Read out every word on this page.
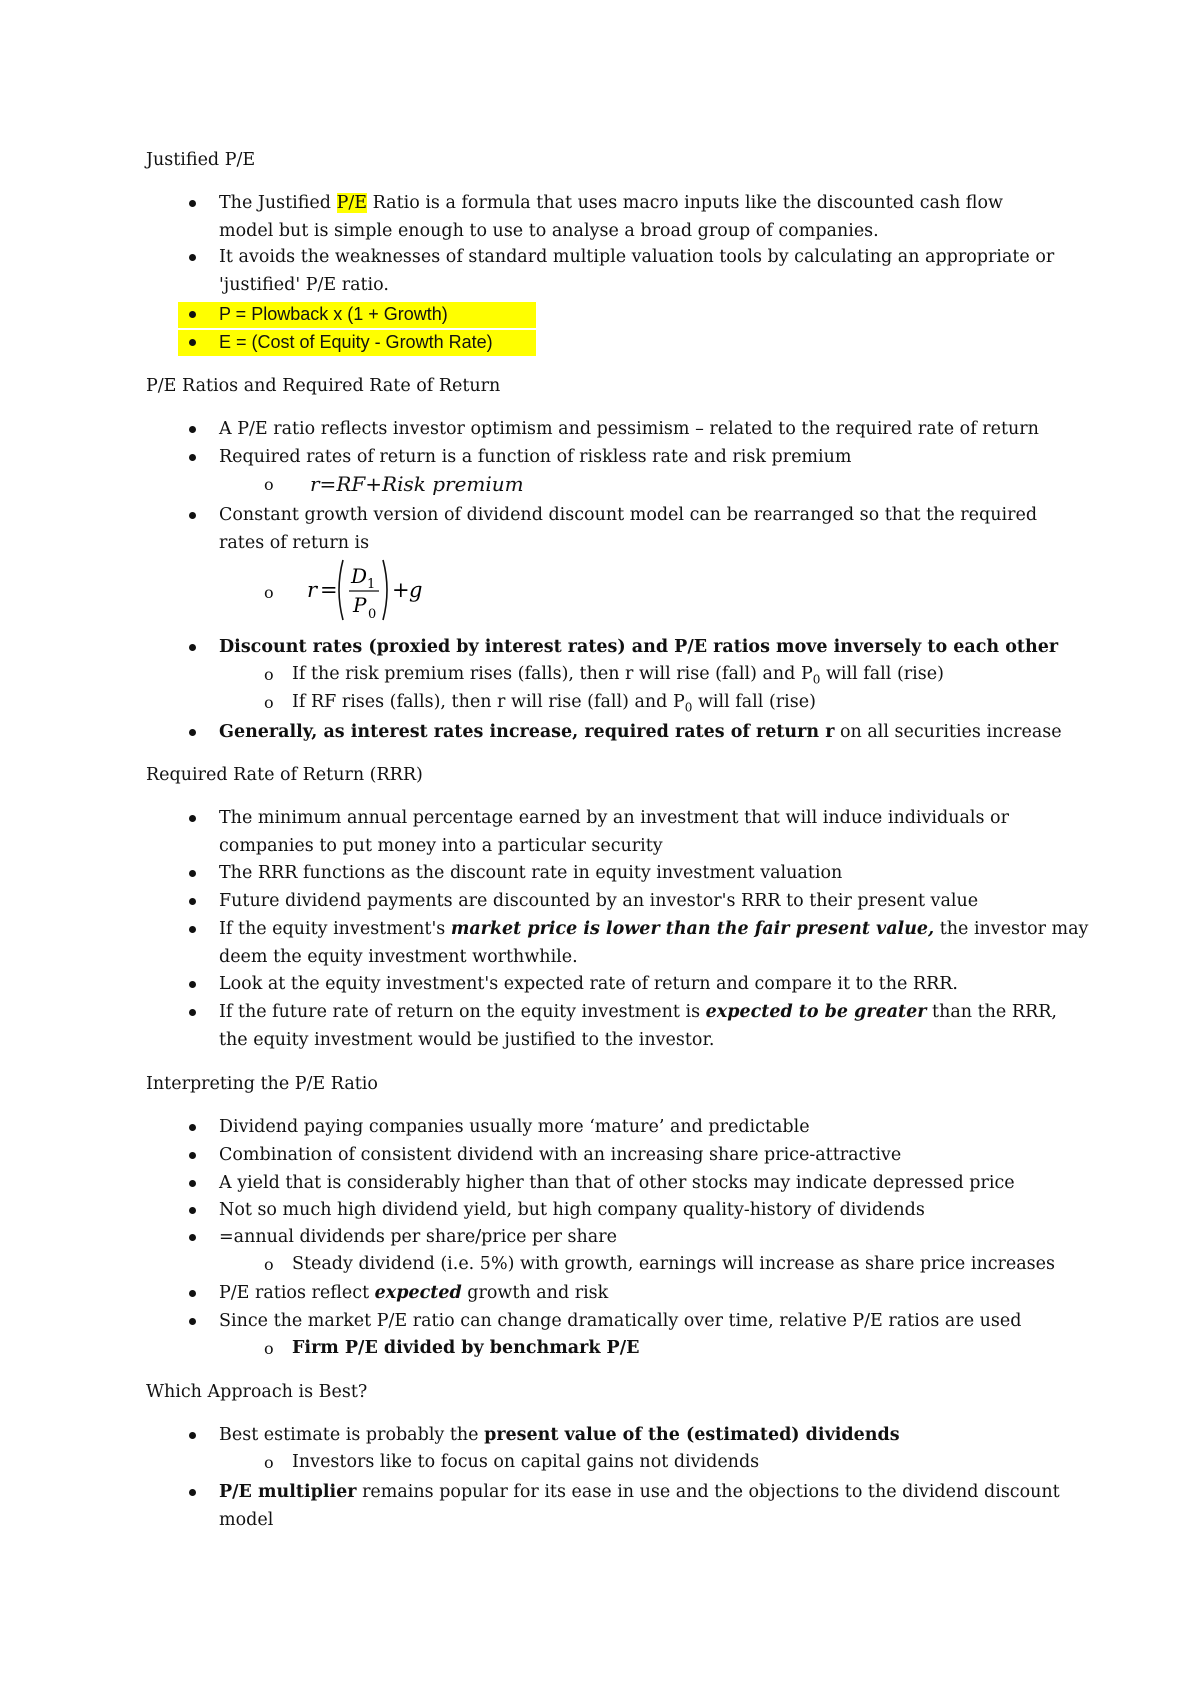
Justified P/E
The Justified P/E Ratio is a formula that uses macro inputs like the discounted cash flow
model but is simple enough to use to analyse a broad group of companies.
It avoids the weaknesses of standard multiple valuation tools by calculating an appropriate or
'justified' P/E ratio.
P = Plowback x (1 + Growth)
E = (Cost of Equity - Growth Rate)
P/E Ratios and Required Rate of Return
A P/E ratio reflects investor optimism and pessimism – related to the required rate of return
Required rates of return is a function of riskless rate and risk premium
o r=RF+Risk premium
Constant growth version of dividend discount model can be rearranged so that the required
rates of return is
o r =
D 1
P 0
+ g
Discount rates (proxied by interest rates) and P/E ratios move inversely to each other
o If the risk premium rises (falls), then r will rise (fall) and $P_0$ will fall (rise)
o If RF rises (falls), then r will rise (fall) and $P_0$ will fall (rise)
Generally, as interest rates increase, required rates of return r on all securities increase
Required Rate of Return (RRR)
The minimum annual percentage earned by an investment that will induce individuals or
companies to put money into a particular security
The RRR functions as the discount rate in equity investment valuation
Future dividend payments are discounted by an investor's RRR to their present value
If the equity investment's market price is lower than the fair present value, the investor may
deem the equity investment worthwhile.
Look at the equity investment's expected rate of return and compare it to the RRR.
If the future rate of return on the equity investment is expected to be greater than the RRR,
the equity investment would be justified to the investor.
Interpreting the P/E Ratio
Dividend paying companies usually more ‘mature’ and predictable
Combination of consistent dividend with an increasing share price-attractive
A yield that is considerably higher than that of other stocks may indicate depressed price
Not so much high dividend yield, but high company quality-history of dividends
=annual dividends per share/price per share
o Steady dividend (i.e. 5%) with growth, earnings will increase as share price increases
P/E ratios reflect expected growth and risk
Since the market P/E ratio can change dramatically over time, relative P/E ratios are used
o Firm P/E divided by benchmark P/E
Which Approach is Best?
Best estimate is probably the present value of the (estimated) dividends
o Investors like to focus on capital gains not dividends
P/E multiplier remains popular for its ease in use and the objections to the dividend discount
model
